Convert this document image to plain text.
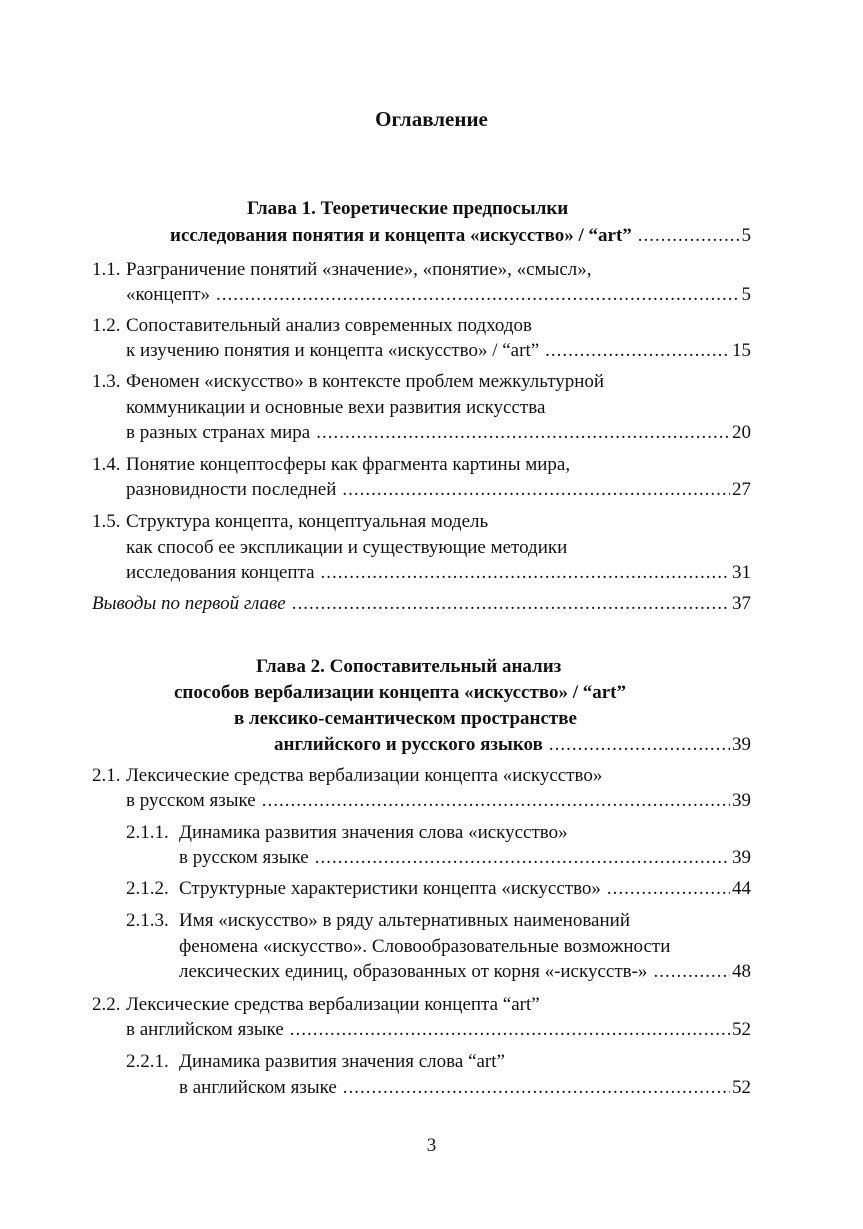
Оглавление
Глава 1. Теоретические предпосылки
исследования понятия и концепта «искусство» / “art” .....	5
1.1. Разграничение понятий «значение», «понятие», «смысл»,
«концепт» .....	5
1.2. Сопоставительный анализ современных подходов
к изучению понятия и концепта «искусство» / “art” .....	15
1.3. Феномен «искусство» в контексте проблем межкультурной
коммуникации и основные вехи развития искусства
в разных странах мира .....	20
1.4. Понятие концептосферы как фрагмента картины мира,
разновидности последней .....	27
1.5. Структура концепта, концептуальная модель
как способ ее экспликации и существующие методики
исследования концепта .....	31
Выводы по первой главе .....	37
Глава 2. Сопоставительный анализ
способов вербализации концепта «искусство» / “art”
в лексико-семантическом пространстве
английского и русского языков .....	39
2.1. Лексические средства вербализации концепта «искусство»
в русском языке .....	39
2.1.1. Динамика развития значения слова «искусство»
в русском языке .....	39
2.1.2. Структурные характеристики концепта «искусство» .....	44
2.1.3. Имя «искусство» в ряду альтернативных наименований
феномена «искусство». Словообразовательные возможности
лексических единиц, образованных от корня «-искусств-» .....	48
2.2. Лексические средства вербализации концепта “art”
в английском языке .....	52
2.2.1. Динамика развития значения слова “art”
в английском языке .....	52
3
